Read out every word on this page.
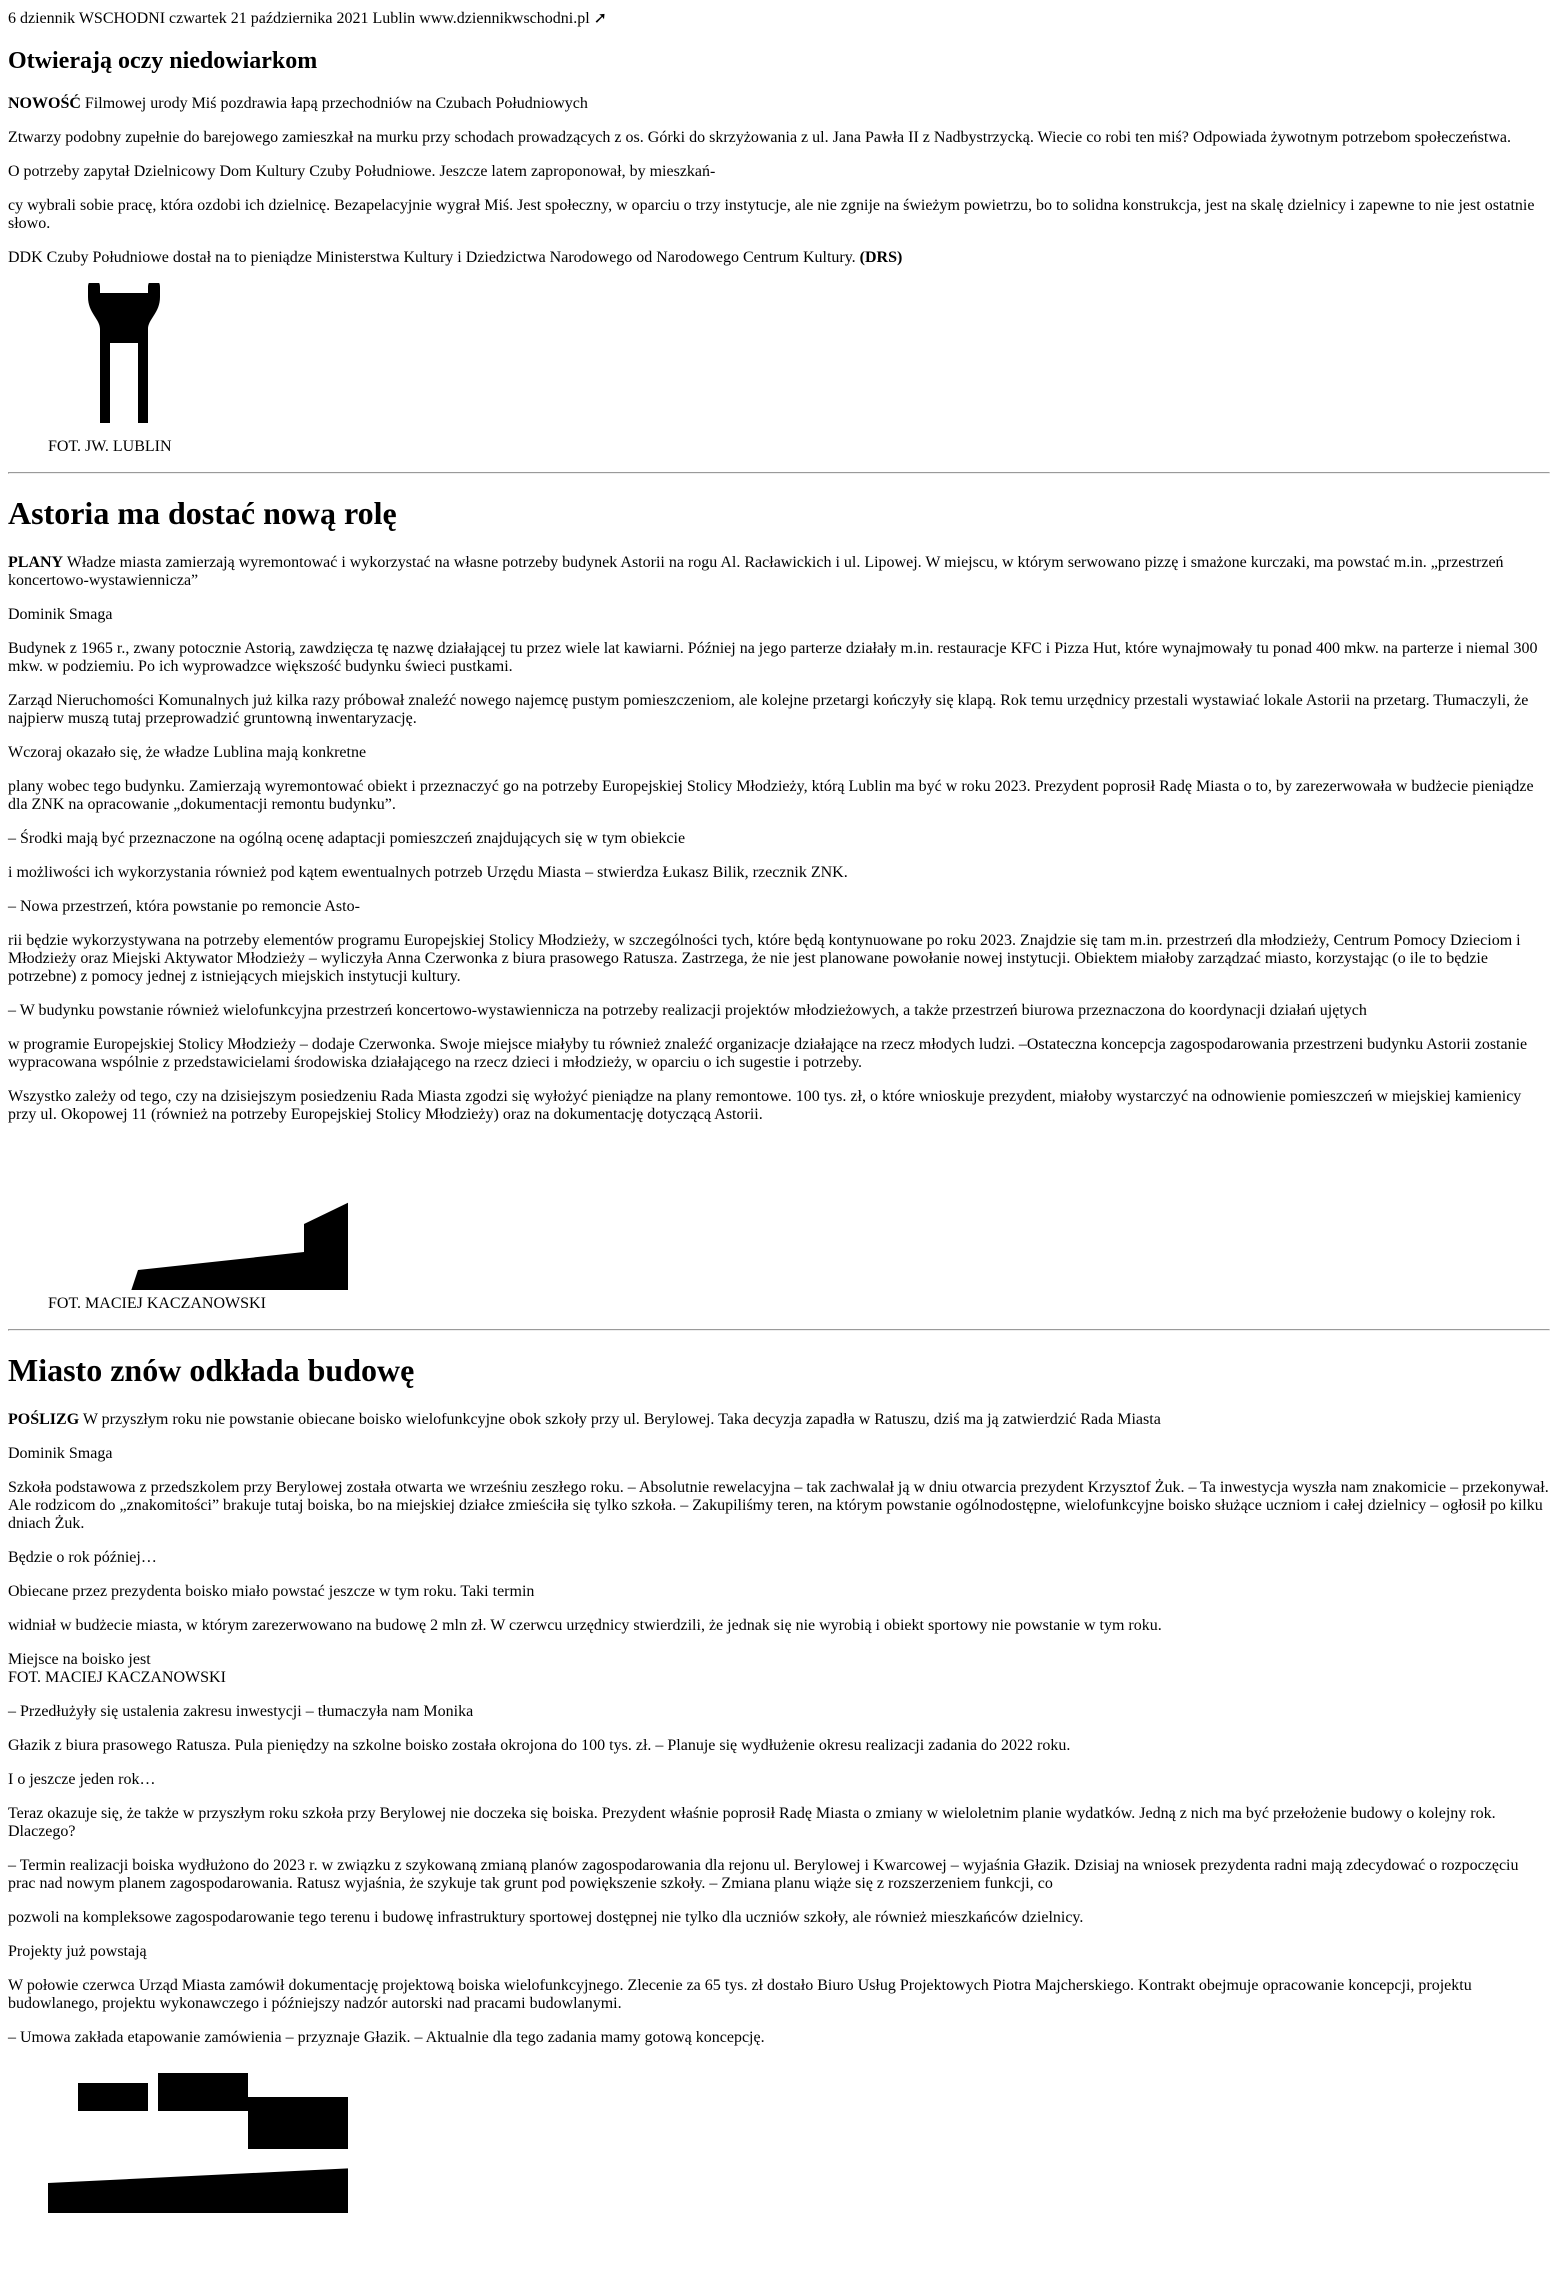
6 dziennik WSCHODNI czwartek 21 października 2021 Lublin www.dziennikwschodni.pl ➚
Otwierają oczy niedowiarkom

NOWOŚĆ Filmowej urody Miś pozdrawia łapą przechodniów na Czubach Południowych

Ztwarzy podobny zupełnie do barejowego zamieszkał na murku przy schodach prowadzących z os. Górki do skrzyżowania z ul. Jana Pawła II z Nadbystrzycką. Wiecie co robi ten miś? Odpowiada żywotnym potrzebom społeczeństwa.

O potrzeby zapytał Dzielnicowy Dom Kultury Czuby Południowe. Jeszcze latem zaproponował, by mieszkań-

cy wybrali sobie pracę, która ozdobi ich dzielnicę. Bezapelacyjnie wygrał Miś. Jest społeczny, w oparciu o trzy instytucje, ale nie zgnije na świeżym powietrzu, bo to solidna konstrukcja, jest na skalę dzielnicy i zapewne to nie jest ostatnie słowo.

DDK Czuby Południowe dostał na to pieniądze Ministerstwa Kultury i Dziedzictwa Narodowego od Narodowego Centrum Kultury. (DRS)

FOT. JW. LUBLIN
Astoria ma dostać nową rolę

PLANY Władze miasta zamierzają wyremontować i wykorzystać na własne potrzeby budynek Astorii na rogu Al. Racławickich i ul. Lipowej. W miejscu, w którym serwowano pizzę i smażone kurczaki, ma powstać m.in. „przestrzeń koncertowo-wystawiennicza”

Dominik Smaga

Budynek z 1965 r., zwany potocznie Astorią, zawdzięcza tę nazwę działającej tu przez wiele lat kawiarni. Później na jego parterze działały m.in. restauracje KFC i Pizza Hut, które wynajmowały tu ponad 400 mkw. na parterze i niemal 300 mkw. w podziemiu. Po ich wyprowadzce większość budynku świeci pustkami.

Zarząd Nieruchomości Komunalnych już kilka razy próbował znaleźć nowego najemcę pustym pomieszczeniom, ale kolejne przetargi kończyły się klapą. Rok temu urzędnicy przestali wystawiać lokale Astorii na przetarg. Tłumaczyli, że najpierw muszą tutaj przeprowadzić gruntowną inwentaryzację.

Wczoraj okazało się, że władze Lublina mają konkretne

plany wobec tego budynku. Zamierzają wyremontować obiekt i przeznaczyć go na potrzeby Europejskiej Stolicy Młodzieży, którą Lublin ma być w roku 2023. Prezydent poprosił Radę Miasta o to, by zarezerwowała w budżecie pieniądze dla ZNK na opracowanie „dokumentacji remontu budynku”.

– Środki mają być przeznaczone na ogólną ocenę adaptacji pomieszczeń znajdujących się w tym obiekcie

i możliwości ich wykorzystania również pod kątem ewentualnych potrzeb Urzędu Miasta – stwierdza Łukasz Bilik, rzecznik ZNK.

– Nowa przestrzeń, która powstanie po remoncie Asto-

rii będzie wykorzystywana na potrzeby elementów programu Europejskiej Stolicy Młodzieży, w szczególności tych, które będą kontynuowane po roku 2023. Znajdzie się tam m.in. przestrzeń dla młodzieży, Centrum Pomocy Dzieciom i Młodzieży oraz Miejski Aktywator Młodzieży – wyliczyła Anna Czerwonka z biura prasowego Ratusza. Zastrzega, że nie jest planowane powołanie nowej instytucji. Obiektem miałoby zarządzać miasto, korzystając (o ile to będzie potrzebne) z pomocy jednej z istniejących miejskich instytucji kultury.

– W budynku powstanie również wielofunkcyjna przestrzeń koncertowo-wystawiennicza na potrzeby realizacji projektów młodzieżowych, a także przestrzeń biurowa przeznaczona do koordynacji działań ujętych

w programie Europejskiej Stolicy Młodzieży – dodaje Czerwonka. Swoje miejsce miałyby tu również znaleźć organizacje działające na rzecz młodych ludzi. –Ostateczna koncepcja zagospodarowania przestrzeni budynku Astorii zostanie wypracowana wspólnie z przedstawicielami środowiska działającego na rzecz dzieci i młodzieży, w oparciu o ich sugestie i potrzeby.

Wszystko zależy od tego, czy na dzisiejszym posiedzeniu Rada Miasta zgodzi się wyłożyć pieniądze na plany remontowe. 100 tys. zł, o które wnioskuje prezydent, miałoby wystarczyć na odnowienie pomieszczeń w miejskiej kamienicy przy ul. Okopowej 11 (również na potrzeby Europejskiej Stolicy Młodzieży) oraz na dokumentację dotyczącą Astorii.

FOT. MACIEJ KACZANOWSKI
Miasto znów odkłada budowę

POŚLIZG W przyszłym roku nie powstanie obiecane boisko wielofunkcyjne obok szkoły przy ul. Berylowej. Taka decyzja zapadła w Ratuszu, dziś ma ją zatwierdzić Rada Miasta

Dominik Smaga

Szkoła podstawowa z przedszkolem przy Berylowej została otwarta we wrześniu zeszłego roku. – Absolutnie rewelacyjna – tak zachwalał ją w dniu otwarcia prezydent Krzysztof Żuk. – Ta inwestycja wyszła nam znakomicie – przekonywał. Ale rodzicom do „znakomitości” brakuje tutaj boiska, bo na miejskiej działce zmieściła się tylko szkoła. – Zakupiliśmy teren, na którym powstanie ogólnodostępne, wielofunkcyjne boisko służące uczniom i całej dzielnicy – ogłosił po kilku dniach Żuk.

Będzie o rok później…

Obiecane przez prezydenta boisko miało powstać jeszcze w tym roku. Taki termin

widniał w budżecie miasta, w którym zarezerwowano na budowę 2 mln zł. W czerwcu urzędnicy stwierdzili, że jednak się nie wyrobią i obiekt sportowy nie powstanie w tym roku.

Miejsce na boisko jest
FOT. MACIEJ KACZANOWSKI

– Przedłużyły się ustalenia zakresu inwestycji – tłumaczyła nam Monika

Głazik z biura prasowego Ratusza. Pula pieniędzy na szkolne boisko została okrojona do 100 tys. zł. – Planuje się wydłużenie okresu realizacji zadania do 2022 roku.

I o jeszcze jeden rok…

Teraz okazuje się, że także w przyszłym roku szkoła przy Berylowej nie doczeka się boiska. Prezydent właśnie poprosił Radę Miasta o zmiany w wieloletnim planie wydatków. Jedną z nich ma być przełożenie budowy o kolejny rok. Dlaczego?

– Termin realizacji boiska wydłużono do 2023 r. w związku z szykowaną zmianą planów zagospodarowania dla rejonu ul. Berylowej i Kwarcowej – wyjaśnia Głazik. Dzisiaj na wniosek prezydenta radni mają zdecydować o rozpoczęciu prac nad nowym planem zagospodarowania. Ratusz wyjaśnia, że szykuje tak grunt pod powiększenie szkoły. – Zmiana planu wiąże się z rozszerzeniem funkcji, co

pozwoli na kompleksowe zagospodarowanie tego terenu i budowę infrastruktury sportowej dostępnej nie tylko dla uczniów szkoły, ale również mieszkańców dzielnicy.

Projekty już powstają

W połowie czerwca Urząd Miasta zamówił dokumentację projektową boiska wielofunkcyjnego. Zlecenie za 65 tys. zł dostało Biuro Usług Projektowych Piotra Majcherskiego. Kontrakt obejmuje opracowanie koncepcji, projektu budowlanego, projektu wykonawczego i późniejszy nadzór autorski nad pracami budowlanymi.

– Umowa zakłada etapowanie zamówienia – przyznaje Głazik. – Aktualnie dla tego zadania mamy gotową koncepcję.
